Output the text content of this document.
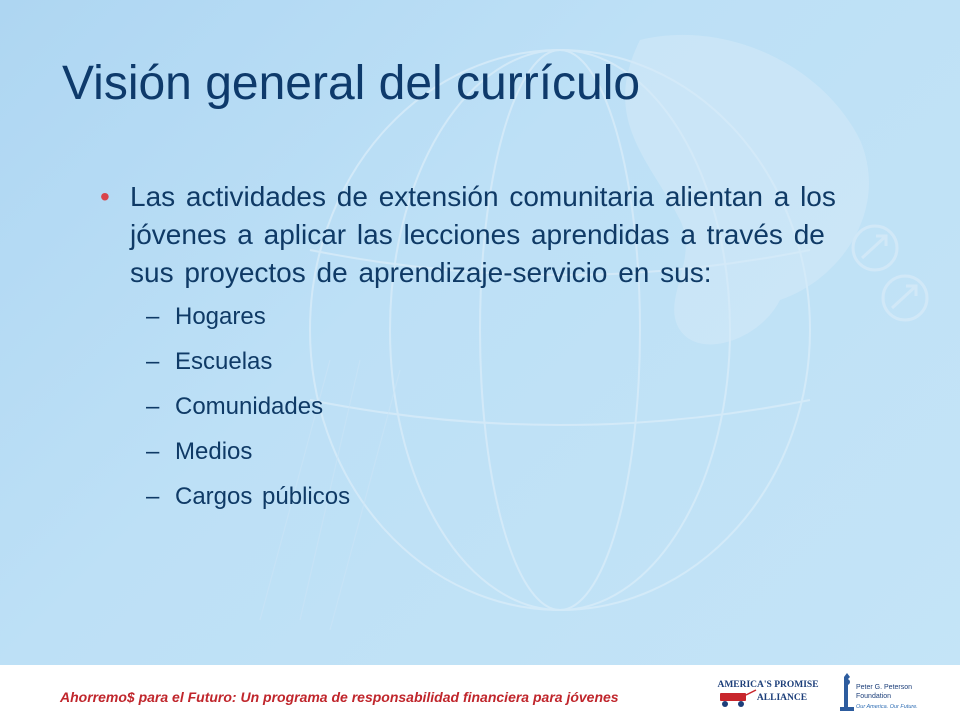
Visión general del currículo
• Las actividades de extensión comunitaria alientan a los jóvenes a aplicar las lecciones aprendidas a través de sus proyectos de aprendizaje-servicio en sus:
– Hogares
– Escuelas
– Comunidades
– Medios
– Cargos públicos
Ahorremo$ para el Futuro: Un programa de responsabilidad financiera para jóvenes
AMERICA'S PROMISE
ALLIANCE
Peter G. Peterson
Foundation
Our America. Our Future.
